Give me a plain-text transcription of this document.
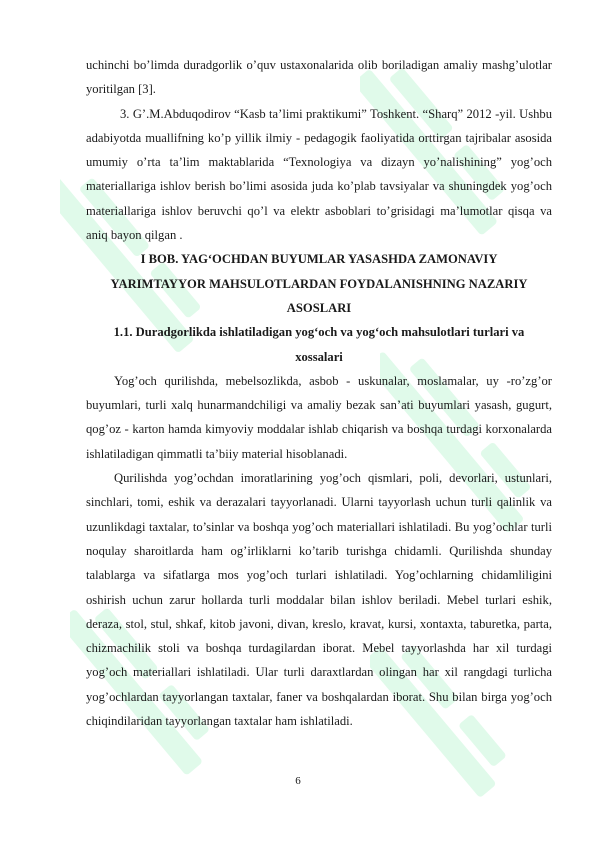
uchinchi bo’limda duradgorlik o’quv ustaxonalarida olib boriladigan amaliy mashg’ulotlar yoritilgan [3].

3. G’.M.Abduqodirov “Kasb ta’limi praktikumi” Toshkent. “Sharq” 2012 -yil. Ushbu adabiyotda muallifning ko’p yillik ilmiy - pedagogik faoliyatida orttirgan tajribalar asosida umumiy o’rta ta’lim maktablarida “Texnologiya va dizayn yo’nalishining” yog’och materiallariga ishlov berish bo’limi asosida juda ko’plab tavsiyalar va shuningdek yog’och materiallariga ishlov beruvchi qo’l va elektr asboblari to’grisidagi ma’lumotlar qisqa va aniq bayon qilgan .

I BOB. YAG‘OCHDAN BUYUMLAR YASASHDA ZAMONAVIY

YARIMTAYYOR MAHSULOTLARDAN FOYDALANISHNING NAZARIY

ASOSLARI

1.1. Duradgorlikda ishlatiladigan yog‘och va yog‘och mahsulotlari turlari va

xossalari

Yog’och qurilishda, mebelsozlikda, asbob - uskunalar, moslamalar, uy -ro’zg’or buyumlari, turli xalq hunarmandchiligi va amaliy bezak san’ati buyumlari yasash, gugurt, qog’oz - karton hamda kimyoviy moddalar ishlab chiqarish va boshqa turdagi korxonalarda ishlatiladigan qimmatli ta’biiy material hisoblanadi.

Qurilishda yog’ochdan imoratlarining yog’och qismlari, poli, devorlari, ustunlari, sinchlari, tomi, eshik va derazalari tayyorlanadi. Ularni tayyorlash uchun turli qalinlik va uzunlikdagi taxtalar, to’sinlar va boshqa yog’och materiallari ishlatiladi. Bu yog’ochlar turli noqulay sharoitlarda ham og’irliklarni ko’tarib turishga chidamli. Qurilishda shunday talablarga va sifatlarga mos yog’och turlari ishlatiladi. Yog’ochlarning chidamliligini oshirish uchun zarur hollarda turli moddalar bilan ishlov beriladi. Mebel turlari eshik, deraza, stol, stul, shkaf, kitob javoni, divan, kreslo, kravat, kursi, xontaxta, taburetka, parta, chizmachilik stoli va boshqa turdagilardan iborat. Mebel tayyorlashda har xil turdagi yog’och materiallari ishlatiladi. Ular turli daraxtlardan olingan har xil rangdagi turlicha yog’ochlardan tayyorlangan taxtalar, faner va boshqalardan iborat. Shu bilan birga yog’och chiqindilaridan tayyorlangan taxtalar ham ishlatiladi.

6
